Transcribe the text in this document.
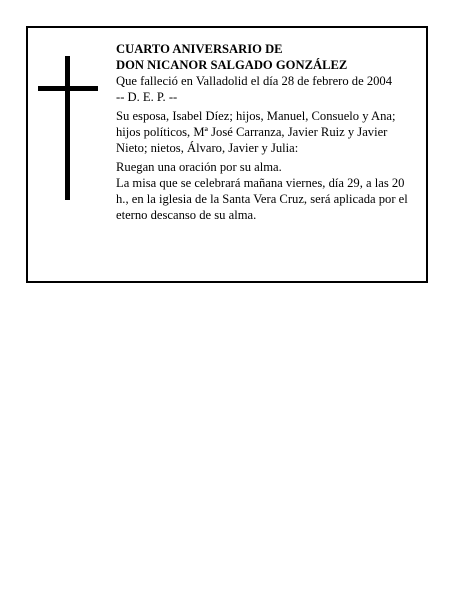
CUARTO ANIVERSARIO DE
DON NICANOR SALGADO GONZÁLEZ

Que falleció en Valladolid el día 28 de febrero de 2004

-- D. E. P. --

Su esposa, Isabel Díez; hijos, Manuel, Consuelo y Ana; hijos políticos, Mª José Carranza, Javier Ruiz y Javier Nieto; nietos, Álvaro, Javier y Julia:

Ruegan una oración por su alma.

La misa que se celebrará mañana viernes, día 29, a las 20 h., en la iglesia de la Santa Vera Cruz, será aplicada por el eterno descanso de su alma.
